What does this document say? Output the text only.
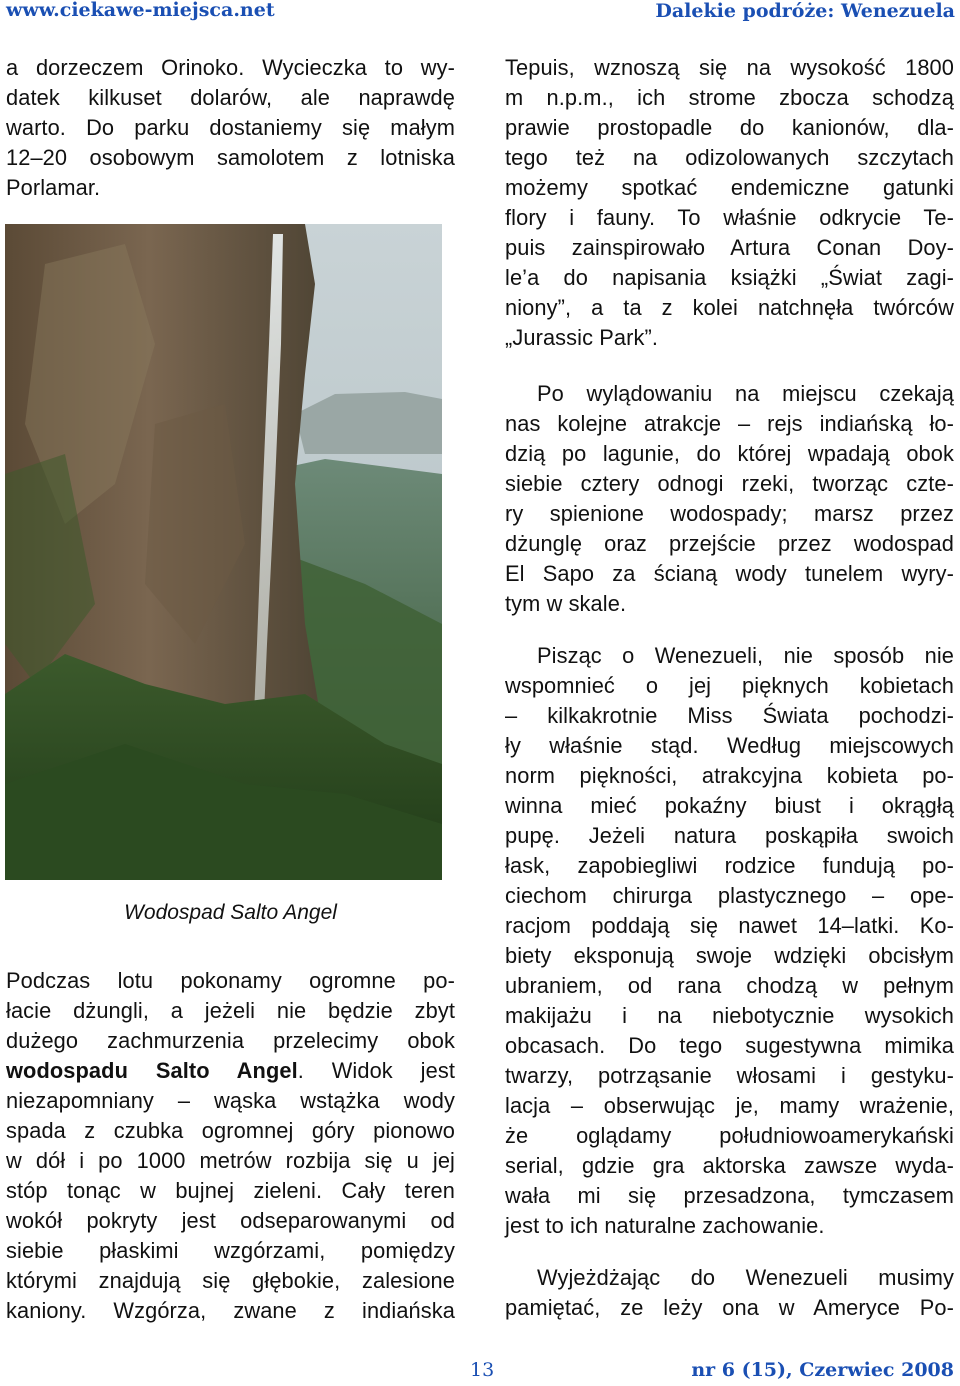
www.ciekawe-miejsca.net	Dalekie podróże: Wenezuela
a dorzeczem Orinoko. Wycieczka to wy-
datek kilkuset dolarów, ale naprawdę
warto. Do parku dostaniemy się małym
12–20 osobowym samolotem z lotniska
Porlamar.
Wodospad Salto Angel
Podczas lotu pokonamy ogromne po-
łacie dżungli, a jeżeli nie będzie zbyt
dużego zachmurzenia przelecimy obok
wodospadu Salto Angel. Widok jest
niezapomniany – wąska wstążka wody
spada z czubka ogromnej góry pionowo
w dół i po 1000 metrów rozbija się u jej
stóp tonąc w bujnej zieleni. Cały teren
wokół pokryty jest odseparowanymi od
siebie płaskimi wzgórzami, pomiędzy
którymi znajdują się głębokie, zalesione
kaniony. Wzgórza, zwane z indiańska
Tepuis, wznoszą się na wysokość 1800
m n.p.m., ich strome zbocza schodzą
prawie prostopadle do kanionów, dla-
tego też na odizolowanych szczytach
możemy spotkać endemiczne gatunki
flory i fauny. To właśnie odkrycie Te-
puis zainspirowało Artura Conan Doy-
le’a do napisania książki „Świat zagi-
niony”, a ta z kolei natchnęła twórców
„Jurassic Park”.
Po wylądowaniu na miejscu czekają
nas kolejne atrakcje – rejs indiańską ło-
dzią po lagunie, do której wpadają obok
siebie cztery odnogi rzeki, tworząc czte-
ry spienione wodospady; marsz przez
dżunglę oraz przejście przez wodospad
El Sapo za ścianą wody tunelem wyry-
tym w skale.
Pisząc o Wenezueli, nie sposób nie
wspomnieć o jej pięknych kobietach
– kilkakrotnie Miss Świata pochodzi-
ły właśnie stąd. Według miejscowych
norm piękności, atrakcyjna kobieta po-
winna mieć pokaźny biust i okrągłą
pupę. Jeżeli natura poskąpiła swoich
łask, zapobiegliwi rodzice fundują po-
ciechom chirurga plastycznego – ope-
racjom poddają się nawet 14–latki. Ko-
biety eksponują swoje wdzięki obcisłym
ubraniem, od rana chodzą w pełnym
makijażu i na niebotycznie wysokich
obcasach. Do tego sugestywna mimika
twarzy, potrząsanie włosami i gestyku-
lacja – obserwując je, mamy wrażenie,
że oglądamy południowoamerykański
serial, gdzie gra aktorska zawsze wyda-
wała mi się przesadzona, tymczasem
jest to ich naturalne zachowanie.
Wyjeżdżając do Wenezueli musimy
pamiętać, ze leży ona w Ameryce Po-
13	nr 6 (15), Czerwiec 2008
